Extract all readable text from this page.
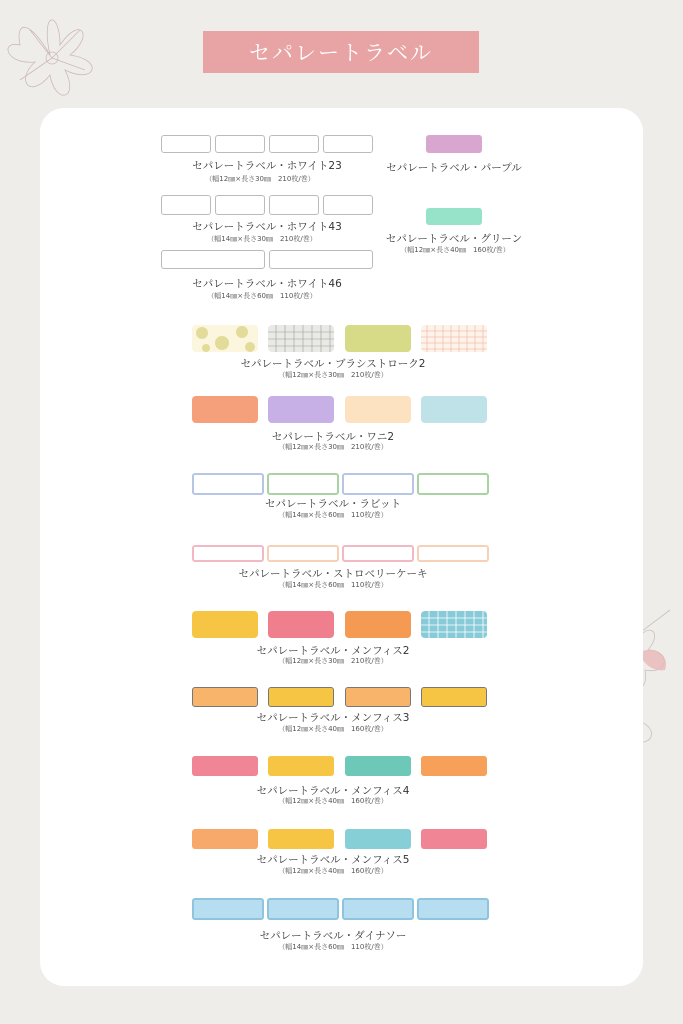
セパレートラベル
セパレートラベル・ホワイト23
（幅12㎜×長さ30㎜　210枚/巻）
セパレートラベル・パープル
セパレートラベル・ホワイト43
（幅14㎜×長さ30㎜　210枚/巻）	セパレートラベル・グリーン
（幅12㎜×長さ40㎜　160枚/巻）
セパレートラベル・ホワイト46
（幅14㎜×長さ60㎜　110枚/巻）
セパレートラベル・ブラシストローク2
（幅12㎜×長さ30㎜　210枚/巻）
セパレートラベル・ワニ2
（幅12㎜×長さ30㎜　210枚/巻）
セパレートラベル・ラビット
（幅14㎜×長さ60㎜　110枚/巻）
セパレートラベル・ストロベリーケーキ
（幅14㎜×長さ60㎜　110枚/巻）
セパレートラベル・メンフィス2
（幅12㎜×長さ30㎜　210枚/巻）
セパレートラベル・メンフィス3
（幅12㎜×長さ40㎜　160枚/巻）
セパレートラベル・メンフィス4
（幅12㎜×長さ40㎜　160枚/巻）
セパレートラベル・メンフィス5
（幅12㎜×長さ40㎜　160枚/巻）
セパレートラベル・ダイナソー
（幅14㎜×長さ60㎜　110枚/巻）
